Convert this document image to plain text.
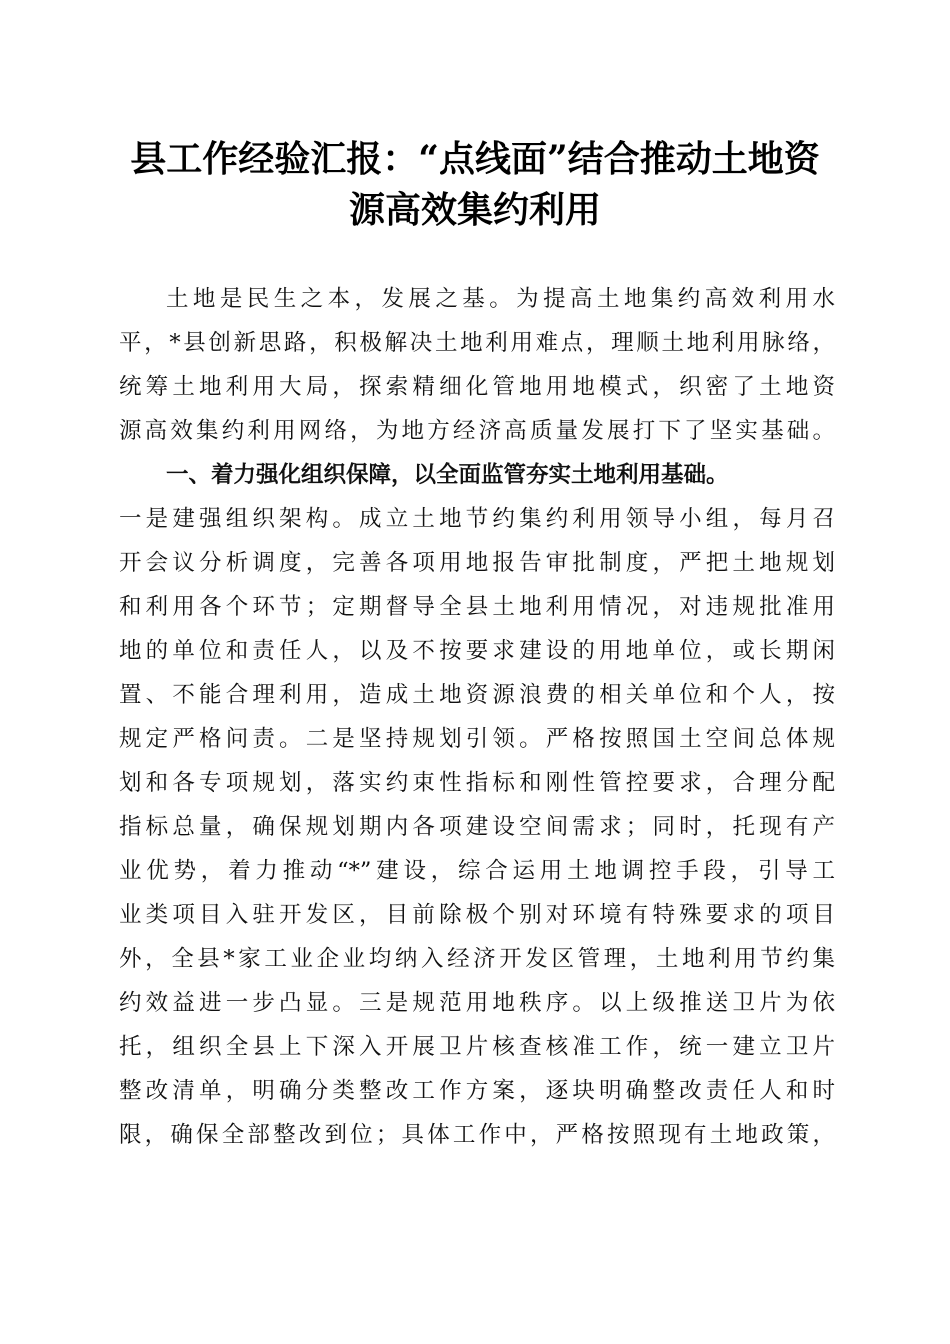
县工作经验汇报：“点线面”结合推动土地资
源高效集约利用
土地是民生之本，发展之基。为提高土地集约高效利用水
平，*县创新思路，积极解决土地利用难点，理顺土地利用脉络，
统筹土地利用大局，探索精细化管地用地模式，织密了土地资
源高效集约利用网络，为地方经济高质量发展打下了坚实基础。
一、着力强化组织保障，以全面监管夯实土地利用基础。
一是建强组织架构。成立土地节约集约利用领导小组，每月召
开会议分析调度，完善各项用地报告审批制度，严把土地规划
和利用各个环节；定期督导全县土地利用情况，对违规批准用
地的单位和责任人，以及不按要求建设的用地单位，或长期闲
置、不能合理利用，造成土地资源浪费的相关单位和个人，按
规定严格问责。二是坚持规划引领。严格按照国土空间总体规
划和各专项规划，落实约束性指标和刚性管控要求，合理分配
指标总量，确保规划期内各项建设空间需求；同时，托现有产
业优势，着力推动“*”建设，综合运用土地调控手段，引导工
业类项目入驻开发区，目前除极个别对环境有特殊要求的项目
外，全县*家工业企业均纳入经济开发区管理，土地利用节约集
约效益进一步凸显。三是规范用地秩序。以上级推送卫片为依
托，组织全县上下深入开展卫片核查核准工作，统一建立卫片
整改清单，明确分类整改工作方案，逐块明确整改责任人和时
限，确保全部整改到位；具体工作中，严格按照现有土地政策，
